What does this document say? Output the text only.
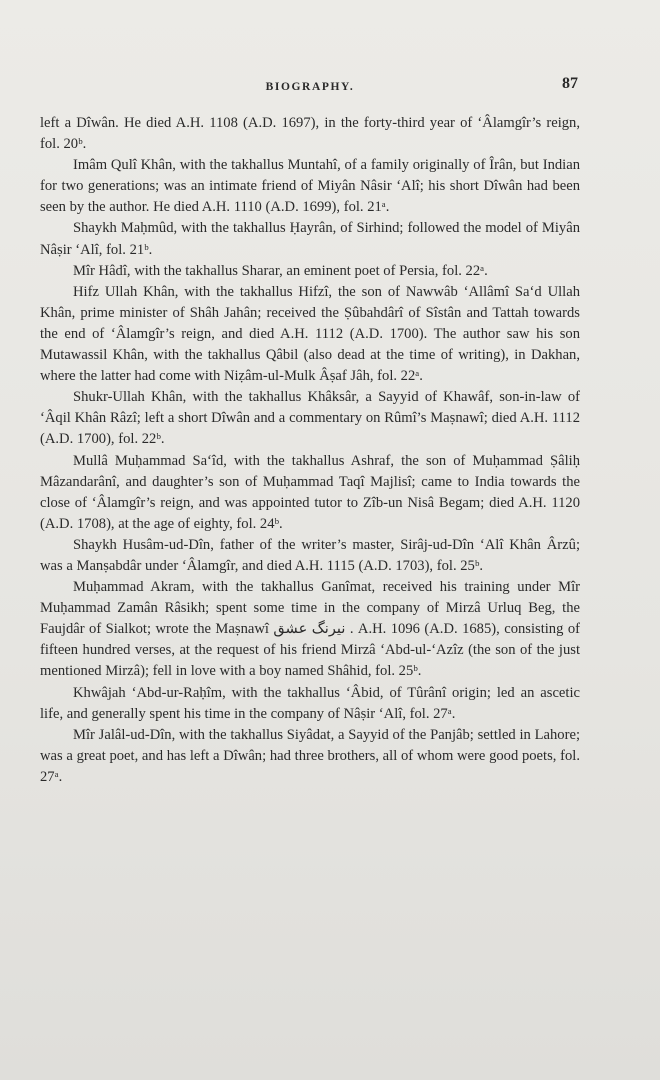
BIOGRAPHY.	87

left a Dîwân. He died A.H. 1108 (A.D. 1697), in the forty-third year of ‘Âlamgîr’s reign, fol. 20ᵇ.

Imâm Qulî Khân, with the takhallus Muntahî, of a family originally of Îrân, but Indian for two generations; was an intimate friend of Miyân Nâsir ‘Alî; his short Dîwân had been seen by the author. He died A.H. 1110 (A.D. 1699), fol. 21ᵃ.

Shaykh Maḥmûd, with the takhallus Ḥayrân, of Sirhind; followed the model of Miyân Nâṣir ‘Alî, fol. 21ᵇ.

Mîr Hâdî, with the takhallus Sharar, an eminent poet of Persia, fol. 22ᵃ.

Hifz Ullah Khân, with the takhallus Hifzî, the son of Nawwâb ‘Allâmî Sa‘d Ullah Khân, prime minister of Shâh Jahân; received the Ṣûbahdârî of Sîstân and Tattah towards the end of ‘Âlamgîr’s reign, and died A.H. 1112 (A.D. 1700). The author saw his son Mutawassil Khân, with the takhallus Qâbil (also dead at the time of writing), in Dakhan, where the latter had come with Niẓâm-ul-Mulk Âṣaf Jâh, fol. 22ᵃ.

Shukr-Ullah Khân, with the takhallus Khâksâr, a Sayyid of Khawâf, son-in-law of ‘Âqil Khân Râzî; left a short Dîwân and a commentary on Rûmî’s Maṣnawî; died A.H. 1112 (A.D. 1700), fol. 22ᵇ.

Mullâ Muḥammad Sa‘îd, with the takhallus Ashraf, the son of Muḥammad Ṣâliḥ Mâzandarânî, and daughter’s son of Muḥammad Taqî Majlisî; came to India towards the close of ‘Âlamgîr’s reign, and was appointed tutor to Zîb-un Nisâ Begam; died A.H. 1120 (A.D. 1708), at the age of eighty, fol. 24ᵇ.

Shaykh Husâm-ud-Dîn, father of the writer’s master, Sirâj-ud-Dîn ‘Alî Khân Ârzû; was a Manṣabdâr under ‘Âlamgîr, and died A.H. 1115 (A.D. 1703), fol. 25ᵇ.

Muḥammad Akram, with the takhallus Ganîmat, received his training under Mîr Muḥammad Zamân Râsikh; spent some time in the company of Mirzâ Urluq Beg, the Faujdâr of Sialkot; wrote the Maṣnawî نیرنگ عشق . A.H. 1096 (A.D. 1685), consisting of fifteen hundred verses, at the request of his friend Mirzâ ‘Abd-ul-‘Azîz (the son of the just mentioned Mirzâ); fell in love with a boy named Shâhid, fol. 25ᵇ.

Khwâjah ‘Abd-ur-Raḥîm, with the takhallus ‘Âbid, of Tûrânî origin; led an ascetic life, and generally spent his time in the company of Nâṣir ‘Alî, fol. 27ᵃ.

Mîr Jalâl-ud-Dîn, with the takhallus Siyâdat, a Sayyid of the Panjâb; settled in Lahore; was a great poet, and has left a Dîwân; had three brothers, all of whom were good poets, fol. 27ᵃ.
